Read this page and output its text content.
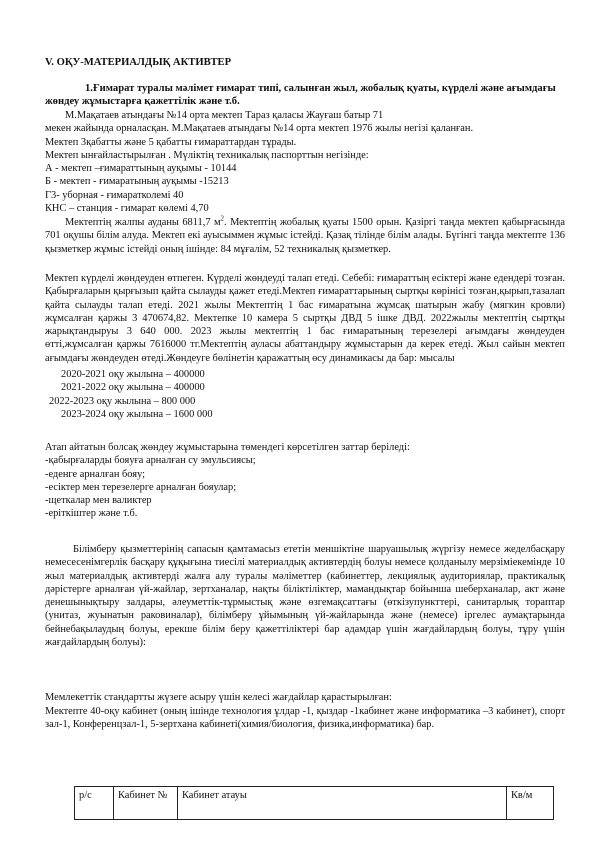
V. ОҚУ-МАТЕРИАЛДЫҚ АКТИВТЕР

1.Ғимарат туралы мәлімет ғимарат типі, салынған жыл, жобалық қуаты, күрделі және ағымдағы жөндеу жұмыстарға қажеттілік және т.б.

М.Мақатаев атындағы №14 орта мектеп Тараз қаласы Жауғаш батыр 71
мекен жайында орналасқан. М.Мақатаев атындағы №14 орта мектеп 1976 жылы негізі қаланған.
Мектеп 3қабатты және 5 қабатты ғимараттардан тұрады.
Мектеп ынғайластырылған . Мүліктің техникалық паспорттын негізінде:
А - мектеп –ғимараттының ауқымы - 10144
Б - мектеп - ғимаратының ауқымы -15213
Г3- уборная - ғимаратколемі 40
КНС – станция - гимарат көлемі 4,70

Мектептің жалпы ауданы 6811,7 $м^2$. Мектептің жобалық қуаты 1500 орын. Қазіргі таңда мектеп қабырғасында 701 оқушы білім алуда. Мектеп екі ауысыммен жұмыс істейді. Қазақ тілінде білім алады. Бүгінгі таңда мектепте 136 қызметкер жұмыс істейді оның ішінде: 84 мұғалім, 52 техникалық қызметкер.

Мектеп күрделі жөндеуден өтпеген. Күрделі жөндеуді талап етеді. Себебі: ғимараттың есіктері және едендері тозған. Қабырғаларын қырғызып қайта сылауды қажет етеді.Мектеп ғимараттарының сыртқы көрінісі тозған,қырып,тазалап қайта сылауды талап етеді. 2021 жылы Мектептің 1 бас ғимаратына жұмсақ шатырын жабу (мягкин кровли) жұмсалған қаржы 3 470674,82. Мектепке 10 камера 5 сыртқы ДВД 5 ішке ДВД. 2022жылы мектептің сыртқы жарықтандыруы 3 640 000. 2023 жылы мектептің 1 бас ғимаратының терезелері ағымдағы жөндеуден өтті,жұмсалған қаржы 7616000 тг.Мектептің ауласы абаттандыру жұмыстарын да керек етеді. Жыл сайын мектеп ағымдағы жөндеуден өтеді.Жөндеуге бөлінетін қаражаттың өсу динамикасы да бар: мысалы

2020-2021 оқу жылына – 400000
2021-2022 оқу жылына – 400000
2022-2023 оқу жылына – 800 000
2023-2024 оқу жылына – 1600 000
Атап айтатын болсақ жөндеу жұмыстарына төмендегі көрсетілген заттар беріледі:
-қабырғаларды бояуға арналған су эмульсиясы;
-еденге арналған бояу;
-есіктер мен терезелерге арналған бояулар;
-щеткалар мен валиктер
-еріткіштер және т.б.

Білімберу қызметтерінің сапасын қамтамасыз ететін меншіктіне шаруашылық жүргізу немесе жеделбасқару немесесенімгерлік басқару құқығына тиесілі материалдық активтердің болуы немесе қолданылу мерзіміекемінде 10 жыл материалдық активтерді жалға алу туралы мәліметтер (кабинеттер, лекциялық аудиториялар, практикалық дәрістерге арналған үй-жайлар, зертханалар, нақты біліктіліктер, мамандықтар бойынша шеберханалар, акт және денешынықтыру залдары, әлеуметтік-тұрмыстық және өзгемақсаттағы (өткізупункттері, санитарлық торaптар (унитаз, жуынатын раковиналар), білімберу ұйымының үй-жайларында және (немесе) іргелес аумақтарында бейнебақылаудың болуы, ерекше білім беру қажеттіліктері бар адамдар үшін жағдайлардың болуы, тұру үшін жағдайлардың болуы):

Мемлекеттік стандартты жүзеге асыру үшін келесі жағдайлар қарастырылған:

Мектепте 40-оқу кабинет (оның ішінде технология ұлдар -1, қыздар -1кабинет және информатика –3 кабинет), спорт зал-1, Конференцзал-1, 5-зертхана кабинеті(химия/биология, физика,информатика) бар.

р/с	Кабинет №	Кабинет атауы	Кв/м
